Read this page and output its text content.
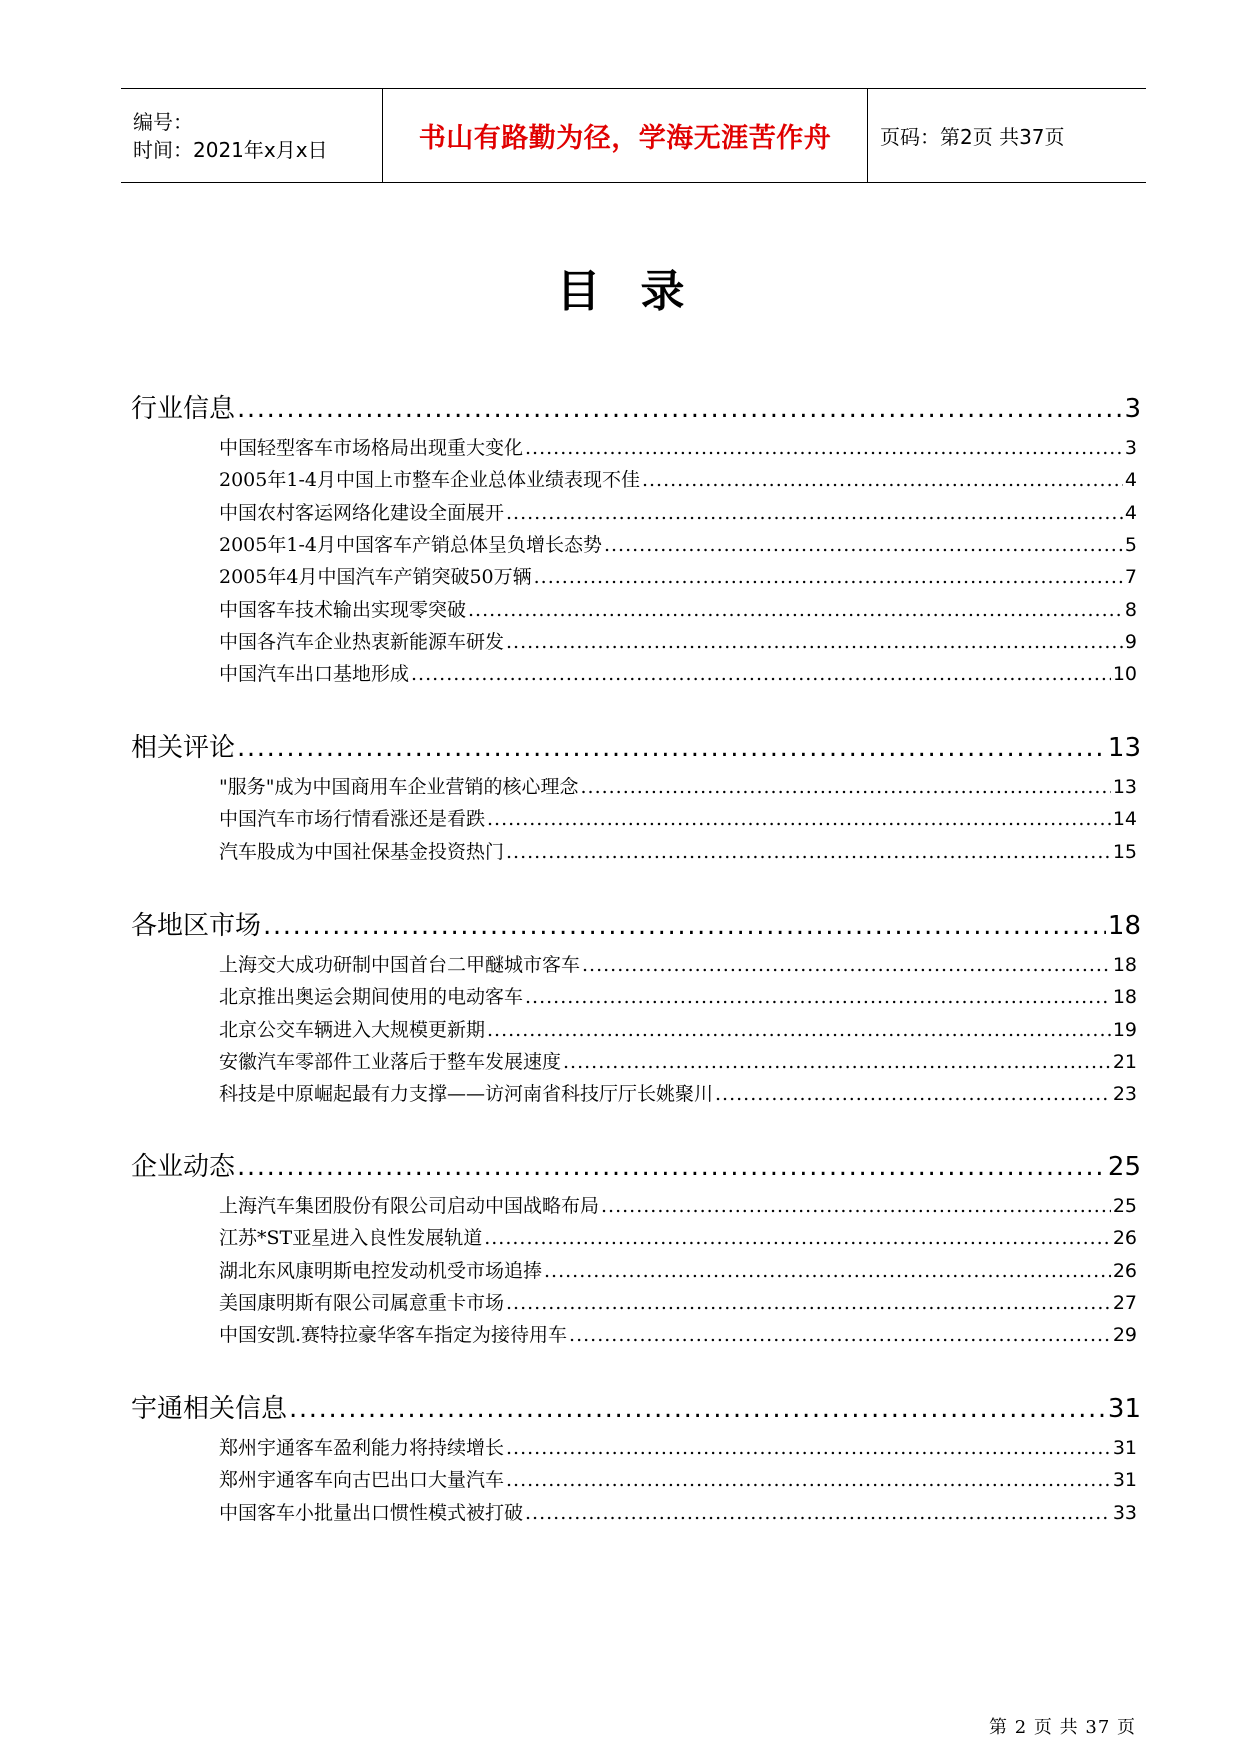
编号：
时间：2021年x月x日	书山有路勤为径，学海无涯苦作舟 页码：第2页 共37页
目录
行业信息 .....	3
中国轻型客车市场格局出现重大变化 .....	3
2005年1-4月中国上市整车企业总体业绩表现不佳 .....	4
中国农村客运网络化建设全面展开 .....	4
2005年1-4月中国客车产销总体呈负增长态势 .....	5
2005年4月中国汽车产销突破50万辆 .....	7
中国客车技术输出实现零突破 .....	8
中国各汽车企业热衷新能源车研发 .....	9
中国汽车出口基地形成 .....	10
相关评论 .....	13
"服务"成为中国商用车企业营销的核心理念 .....	13
中国汽车市场行情看涨还是看跌 .....	14
汽车股成为中国社保基金投资热门 .....	15
各地区市场 .....	18
上海交大成功研制中国首台二甲醚城市客车 .....	18
北京推出奥运会期间使用的电动客车 .....	18
北京公交车辆进入大规模更新期 .....	19
安徽汽车零部件工业落后于整车发展速度 .....	21
科技是中原崛起最有力支撑——访河南省科技厅厅长姚聚川 .....	23
企业动态 .....	25
上海汽车集团股份有限公司启动中国战略布局 .....	25
江苏*ST亚星进入良性发展轨道 .....	26
湖北东风康明斯电控发动机受市场追捧 .....	26
美国康明斯有限公司属意重卡市场 .....	27
中国安凯.赛特拉豪华客车指定为接待用车 .....	29
宇通相关信息 .....	31
郑州宇通客车盈利能力将持续增长 .....	31
郑州宇通客车向古巴出口大量汽车 .....	31
中国客车小批量出口惯性模式被打破 .....	33
第 2 页 共 37 页
